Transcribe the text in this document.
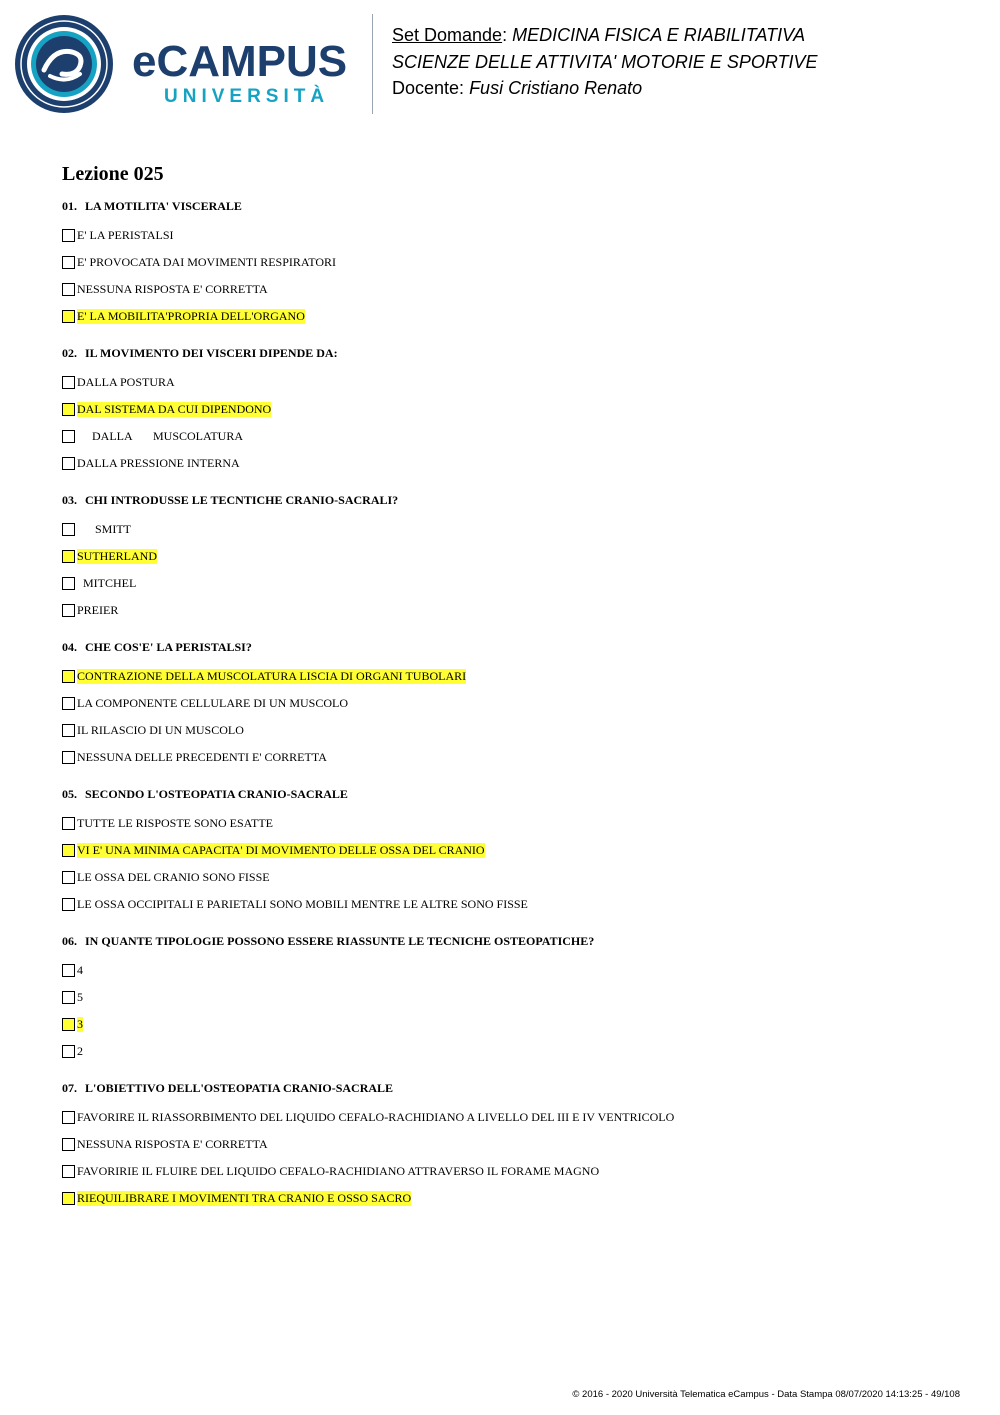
eCAMPUS
UNIVERSITÀ
Set Domande: MEDICINA FISICA E RIABILITATIVA
SCIENZE DELLE ATTIVITA' MOTORIE E SPORTIVE
Docente: Fusi Cristiano Renato
Lezione 025
01. LA MOTILITA' VISCERALE
E' LA PERISTALSI
E' PROVOCATA DAI MOVIMENTI RESPIRATORI
NESSUNA RISPOSTA E' CORRETTA
E' LA MOBILITA'PROPRIA DELL'ORGANO
02. IL MOVIMENTO DEI VISCERI DIPENDE DA:
DALLA POSTURA
DAL SISTEMA DA CUI DIPENDONO
DALLA       MUSCOLATURA
DALLA PRESSIONE INTERNA
03. CHI INTRODUSSE LE TECNTICHE CRANIO-SACRALI?
SMITT
SUTHERLAND
MITCHEL
PREIER
04. CHE COS'E' LA PERISTALSI?
CONTRAZIONE DELLA MUSCOLATURA LISCIA DI ORGANI TUBOLARI
LA COMPONENTE CELLULARE DI UN MUSCOLO
IL RILASCIO DI UN MUSCOLO
NESSUNA DELLE PRECEDENTI E' CORRETTA
05. SECONDO L'OSTEOPATIA CRANIO-SACRALE
TUTTE LE RISPOSTE SONO ESATTE
VI E' UNA MINIMA CAPACITA' DI MOVIMENTO DELLE OSSA DEL CRANIO
LE OSSA DEL CRANIO SONO FISSE
LE OSSA OCCIPITALI E PARIETALI SONO MOBILI MENTRE LE ALTRE SONO FISSE
06. IN QUANTE TIPOLOGIE POSSONO ESSERE RIASSUNTE LE TECNICHE OSTEOPATICHE?
4
5
3
2
07. L'OBIETTIVO DELL'OSTEOPATIA CRANIO-SACRALE
FAVORIRE IL RIASSORBIMENTO DEL LIQUIDO CEFALO-RACHIDIANO A LIVELLO DEL III E IV VENTRICOLO
NESSUNA RISPOSTA E' CORRETTA
FAVORIRIE IL FLUIRE DEL LIQUIDO CEFALO-RACHIDIANO ATTRAVERSO IL FORAME MAGNO
RIEQUILIBRARE I MOVIMENTI TRA CRANIO E OSSO SACRO
© 2016 - 2020 Università Telematica eCampus - Data Stampa 08/07/2020 14:13:25 - 49/108
